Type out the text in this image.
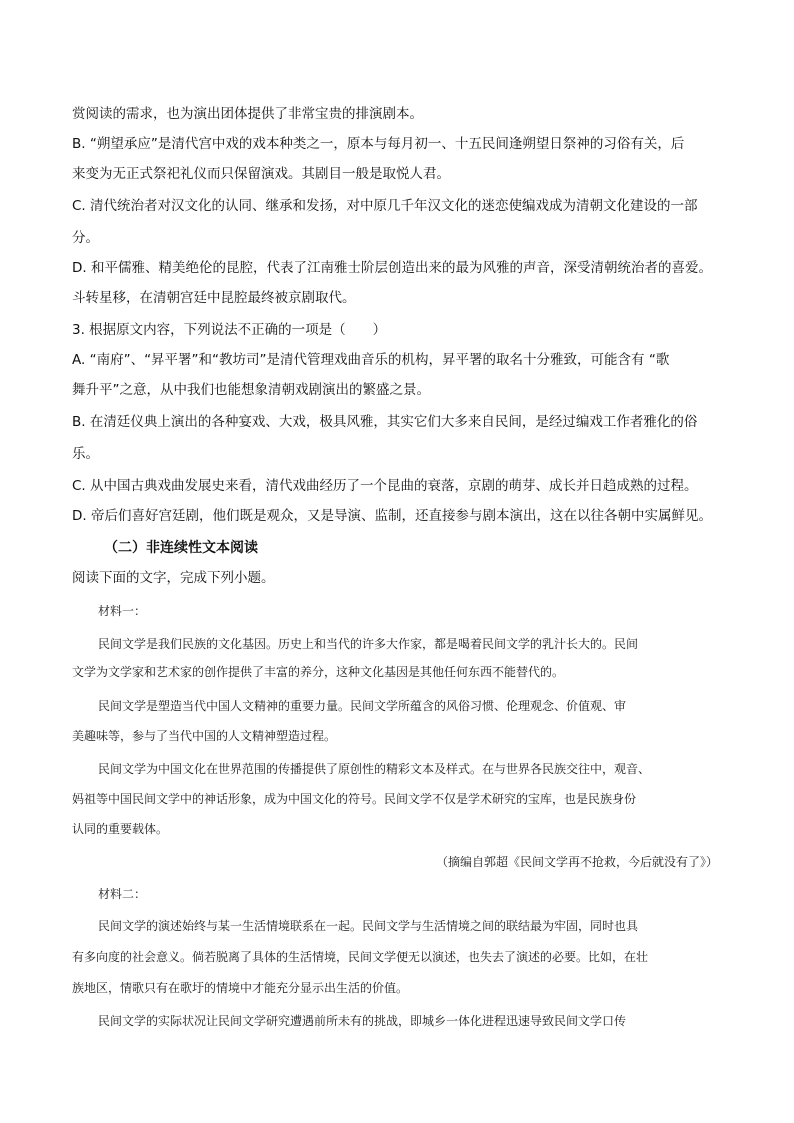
赏阅读的需求，也为演出团体提供了非常宝贵的排演剧本。
B. “朔望承应”是清代宫中戏的戏本种类之一，原本与每月初一、十五民间逢朔望日祭神的习俗有关，后
来变为无正式祭祀礼仪而只保留演戏。其剧目一般是取悦人君。
C. 清代统治者对汉文化的认同、继承和发扬，对中原几千年汉文化的迷恋使编戏成为清朝文化建设的一部
分。
D. 和平儒雅、精美绝伦的昆腔，代表了江南雅士阶层创造出来的最为风雅的声音，深受清朝统治者的喜爱。
斗转星移，在清朝宫廷中昆腔最终被京剧取代。
3. 根据原文内容，下列说法不正确的一项是（　　）
A. “南府”、“昇平署”和“教坊司”是清代管理戏曲音乐的机构，昇平署的取名十分雅致，可能含有 “歌
舞升平”之意，从中我们也能想象清朝戏剧演出的繁盛之景。
B. 在清廷仪典上演出的各种宴戏、大戏，极具风雅，其实它们大多来自民间，是经过编戏工作者雅化的俗
乐。
C. 从中国古典戏曲发展史来看，清代戏曲经历了一个昆曲的衰落，京剧的萌芽、成长并日趋成熟的过程。
D. 帝后们喜好宫廷剧，他们既是观众，又是导演、监制，还直接参与剧本演出，这在以往各朝中实属鲜见。
（二）非连续性文本阅读
阅读下面的文字，完成下列小题。
材料一：
民间文学是我们民族的文化基因。历史上和当代的许多大作家，都是喝着民间文学的乳汁长大的。民间
文学为文学家和艺术家的创作提供了丰富的养分，这种文化基因是其他任何东西不能替代的。
民间文学是塑造当代中国人文精神的重要力量。民间文学所蕴含的风俗习惯、伦理观念、价值观、审
美趣味等，参与了当代中国的人文精神塑造过程。
民间文学为中国文化在世界范围的传播提供了原创性的精彩文本及样式。在与世界各民族交往中，观音、
妈祖等中国民间文学中的神话形象，成为中国文化的符号。民间文学不仅是学术研究的宝库，也是民族身份
认同的重要载体。
（摘编自郭超《民间文学再不抢救，今后就没有了》）
材料二：
民间文学的演述始终与某一生活情境联系在一起。民间文学与生活情境之间的联结最为牢固，同时也具
有多向度的社会意义。倘若脱离了具体的生活情境，民间文学便无以演述，也失去了演述的必要。比如，在壮
族地区，情歌只有在歌圩的情境中才能充分显示出生活的价值。
民间文学的实际状况让民间文学研究遭遇前所未有的挑战，即城乡一体化进程迅速导致民间文学口传
